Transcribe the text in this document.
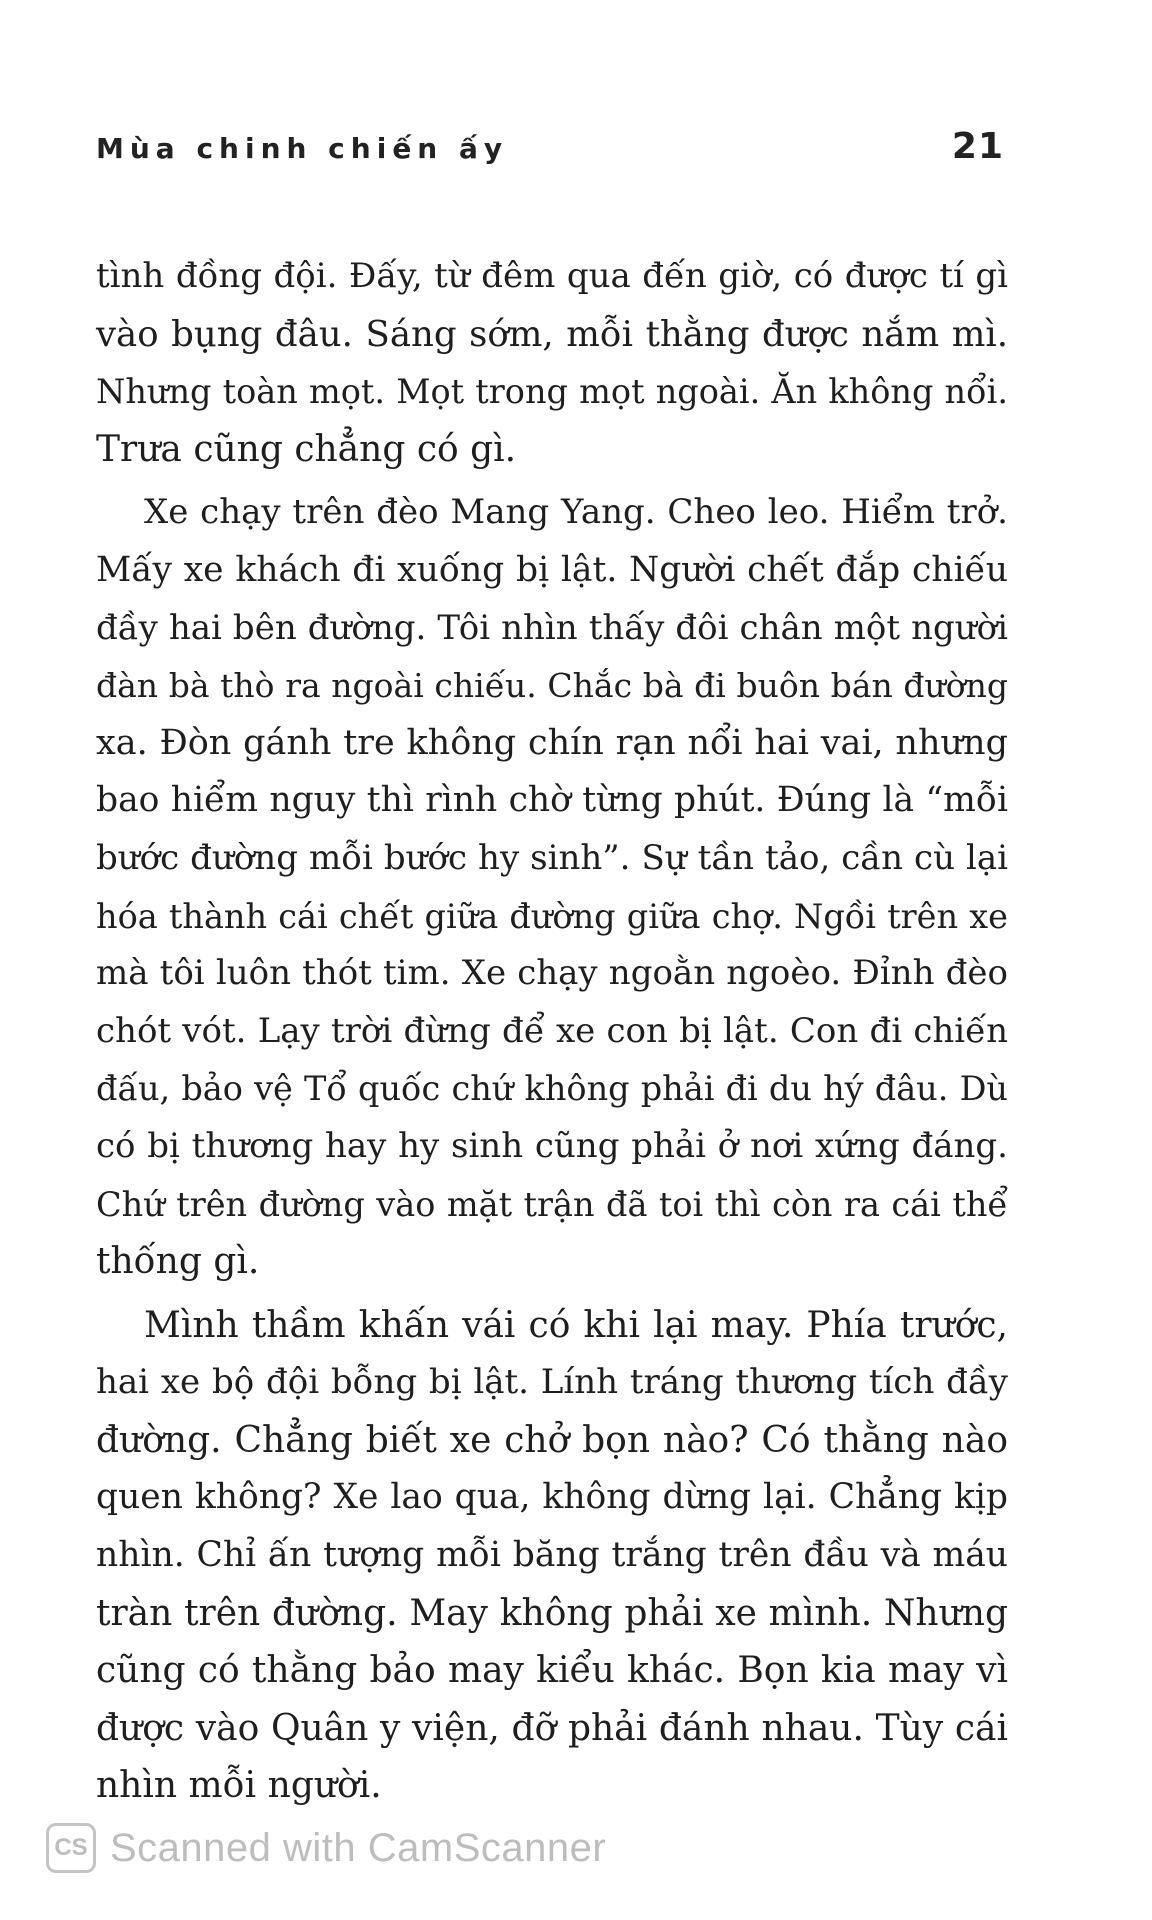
Mùa chinh chiến ấy	21
tình đồng đội. Đấy, từ đêm qua đến giờ, có được tí gì
vào bụng đâu. Sáng sớm, mỗi thằng được nắm mì.
Nhưng toàn mọt. Mọt trong mọt ngoài. Ăn không nổi.
Trưa cũng chẳng có gì.
Xe chạy trên đèo Mang Yang. Cheo leo. Hiểm trở.
Mấy xe khách đi xuống bị lật. Người chết đắp chiếu
đầy hai bên đường. Tôi nhìn thấy đôi chân một người
đàn bà thò ra ngoài chiếu. Chắc bà đi buôn bán đường
xa. Đòn gánh tre không chín rạn nổi hai vai, nhưng
bao hiểm nguy thì rình chờ từng phút. Đúng là “mỗi
bước đường mỗi bước hy sinh”. Sự tần tảo, cần cù lại
hóa thành cái chết giữa đường giữa chợ. Ngồi trên xe
mà tôi luôn thót tim. Xe chạy ngoằn ngoèo. Đỉnh đèo
chót vót. Lạy trời đừng để xe con bị lật. Con đi chiến
đấu, bảo vệ Tổ quốc chứ không phải đi du hý đâu. Dù
có bị thương hay hy sinh cũng phải ở nơi xứng đáng.
Chứ trên đường vào mặt trận đã toi thì còn ra cái thể
thống gì.
Mình thầm khấn vái có khi lại may. Phía trước,
hai xe bộ đội bỗng bị lật. Lính tráng thương tích đầy
đường. Chẳng biết xe chở bọn nào? Có thằng nào
quen không? Xe lao qua, không dừng lại. Chẳng kịp
nhìn. Chỉ ấn tượng mỗi băng trắng trên đầu và máu
tràn trên đường. May không phải xe mình. Nhưng
cũng có thằng bảo may kiểu khác. Bọn kia may vì
được vào Quân y viện, đỡ phải đánh nhau. Tùy cái
nhìn mỗi người.
CS Scanned with CamScanner
